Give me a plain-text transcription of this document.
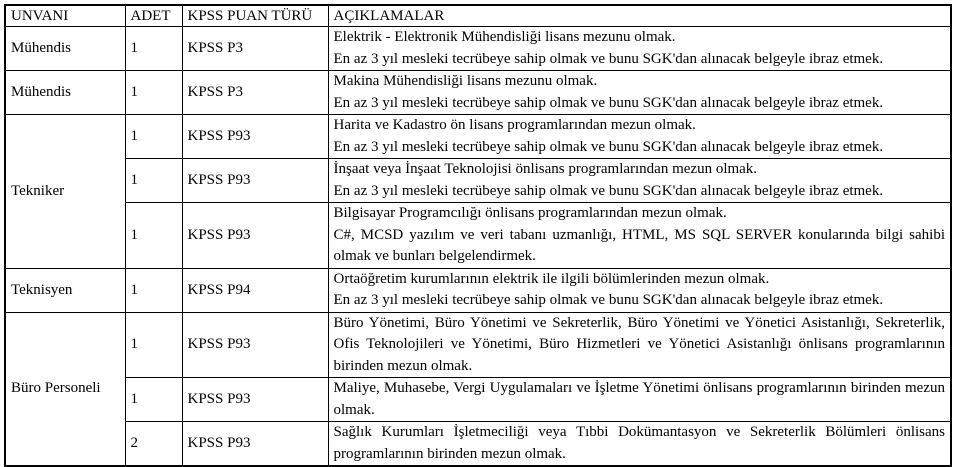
UNVANI	ADET	KPSS PUAN TÜRÜ	AÇIKLAMALAR
Mühendis	1	KPSS P3	Elektrik - Elektronik Mühendisliği lisans mezunu olmak.
En az 3 yıl mesleki tecrübeye sahip olmak ve bunu SGK'dan alınacak belgeyle ibraz etmek.

Mühendis	1	KPSS P3	Makina Mühendisliği lisans mezunu olmak.
En az 3 yıl mesleki tecrübeye sahip olmak ve bunu SGK'dan alınacak belgeyle ibraz etmek.

Tekniker	1	KPSS P93	Harita ve Kadastro ön lisans programlarından mezun olmak.
En az 3 yıl mesleki tecrübeye sahip olmak ve bunu SGK'dan alınacak belgeyle ibraz etmek.

	1	KPSS P93	İnşaat veya İnşaat Teknolojisi önlisans programlarından mezun olmak.
En az 3 yıl mesleki tecrübeye sahip olmak ve bunu SGK'dan alınacak belgeyle ibraz etmek.

	1	KPSS P93	Bilgisayar Programcılığı önlisans programlarından mezun olmak.
C#, MCSD yazılım ve veri tabanı uzmanlığı, HTML, MS SQL SERVER konularında bilgi sahibi olmak ve bunları belgelendirmek.

Teknisyen	1	KPSS P94	Ortaöğretim kurumlarının elektrik ile ilgili bölümlerinden mezun olmak.
En az 3 yıl mesleki tecrübeye sahip olmak ve bunu SGK'dan alınacak belgeyle ibraz etmek.

Büro Personeli	1	KPSS P93	Büro Yönetimi, Büro Yönetimi ve Sekreterlik, Büro Yönetimi ve Yönetici Asistanlığı, Sekreterlik, Ofis Teknolojileri ve Yönetimi, Büro Hizmetleri ve Yönetici Asistanlığı önlisans programlarının birinden mezun olmak.

	1	KPSS P93	Maliye, Muhasebe, Vergi Uygulamaları ve İşletme Yönetimi önlisans programlarının birinden mezun olmak.

	2	KPSS P93	Sağlık Kurumları İşletmeciliği veya Tıbbi Dokümantasyon ve Sekreterlik Bölümleri önlisans programlarının birinden mezun olmak.
